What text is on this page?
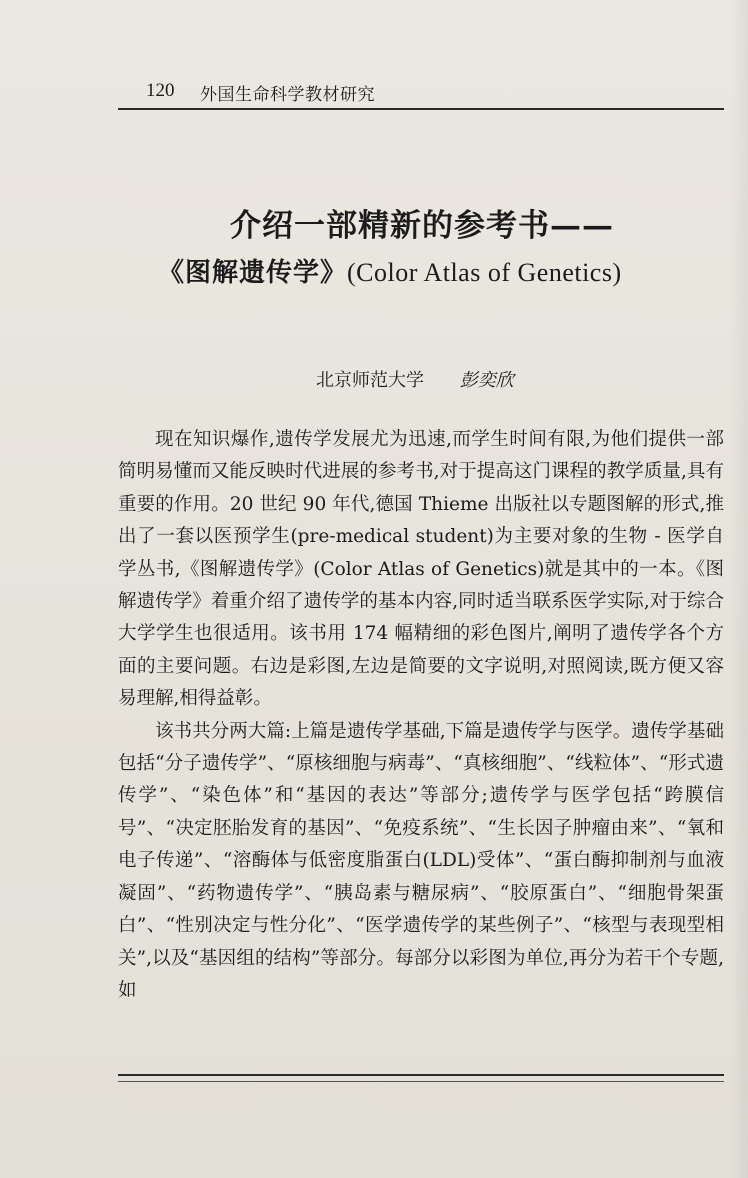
120 外国生命科学教材研究
介绍一部精新的参考书——
《图解遗传学》(Color Atlas of Genetics)
北京师范大学 彭奕欣

现在知识爆作,遗传学发展尤为迅速,而学生时间有限,为他们提供一部简明易懂而又能反映时代进展的参考书,对于提高这门课程的教学质量,具有重要的作用。20 世纪 90 年代,德国 Thieme 出版社以专题图解的形式,推出了一套以医预学生(pre-medical student)为主要对象的生物 - 医学自学丛书,《图解遗传学》(Color Atlas of Genetics)就是其中的一本。《图解遗传学》着重介绍了遗传学的基本内容,同时适当联系医学实际,对于综合大学学生也很适用。该书用 174 幅精细的彩色图片,阐明了遗传学各个方面的主要问题。右边是彩图,左边是简要的文字说明,对照阅读,既方便又容易理解,相得益彰。

该书共分两大篇:上篇是遗传学基础,下篇是遗传学与医学。遗传学基础包括“分子遗传学”、“原核细胞与病毒”、“真核细胞”、“线粒体”、“形式遗传学”、“染色体”和“基因的表达”等部分;遗传学与医学包括“跨膜信号”、“决定胚胎发育的基因”、“免疫系统”、“生长因子肿瘤由来”、“氧和电子传递”、“溶酶体与低密度脂蛋白(LDL)受体”、“蛋白酶抑制剂与血液凝固”、“药物遗传学”、“胰岛素与糖尿病”、“胶原蛋白”、“细胞骨架蛋白”、“性别决定与性分化”、“医学遗传学的某些例子”、“核型与表现型相关”,以及“基因组的结构”等部分。每部分以彩图为单位,再分为若干个专题,如
